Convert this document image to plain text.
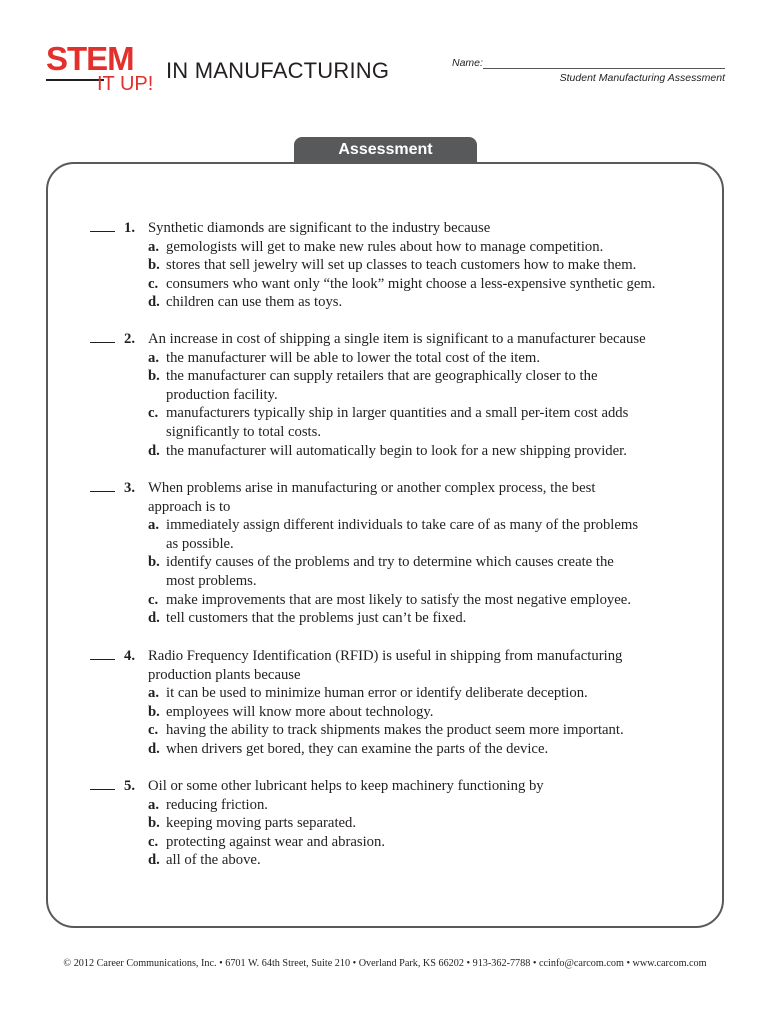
STEM
IT UP!
IN MANUFACTURING	Name:
Student Manufacturing Assessment
Assessment
1. Synthetic diamonds are significant to the industry because
a. gemologists will get to make new rules about how to manage competition.
b. stores that sell jewelry will set up classes to teach customers how to make them.
c. consumers who want only “the look” might choose a less-expensive synthetic gem.
d. children can use them as toys.
2. An increase in cost of shipping a single item is significant to a manufacturer because
a. the manufacturer will be able to lower the total cost of the item.
b. the manufacturer can supply retailers that are geographically closer to the
production facility.
c. manufacturers typically ship in larger quantities and a small per-item cost adds
significantly to total costs.
d. the manufacturer will automatically begin to look for a new shipping provider.
3. When problems arise in manufacturing or another complex process, the best
approach is to
a. immediately assign different individuals to take care of as many of the problems
as possible.
b. identify causes of the problems and try to determine which causes create the
most problems.
c. make improvements that are most likely to satisfy the most negative employee.
d. tell customers that the problems just can’t be fixed.
4. Radio Frequency Identification (RFID) is useful in shipping from manufacturing
production plants because
a. it can be used to minimize human error or identify deliberate deception.
b. employees will know more about technology.
c. having the ability to track shipments makes the product seem more important.
d. when drivers get bored, they can examine the parts of the device.
5. Oil or some other lubricant helps to keep machinery functioning by
a. reducing friction.
b. keeping moving parts separated.
c. protecting against wear and abrasion.
d. all of the above.
© 2012 Career Communications, Inc. • 6701 W. 64th Street, Suite 210 • Overland Park, KS 66202 • 913-362-7788 • ccinfo@carcom.com • www.carcom.com
